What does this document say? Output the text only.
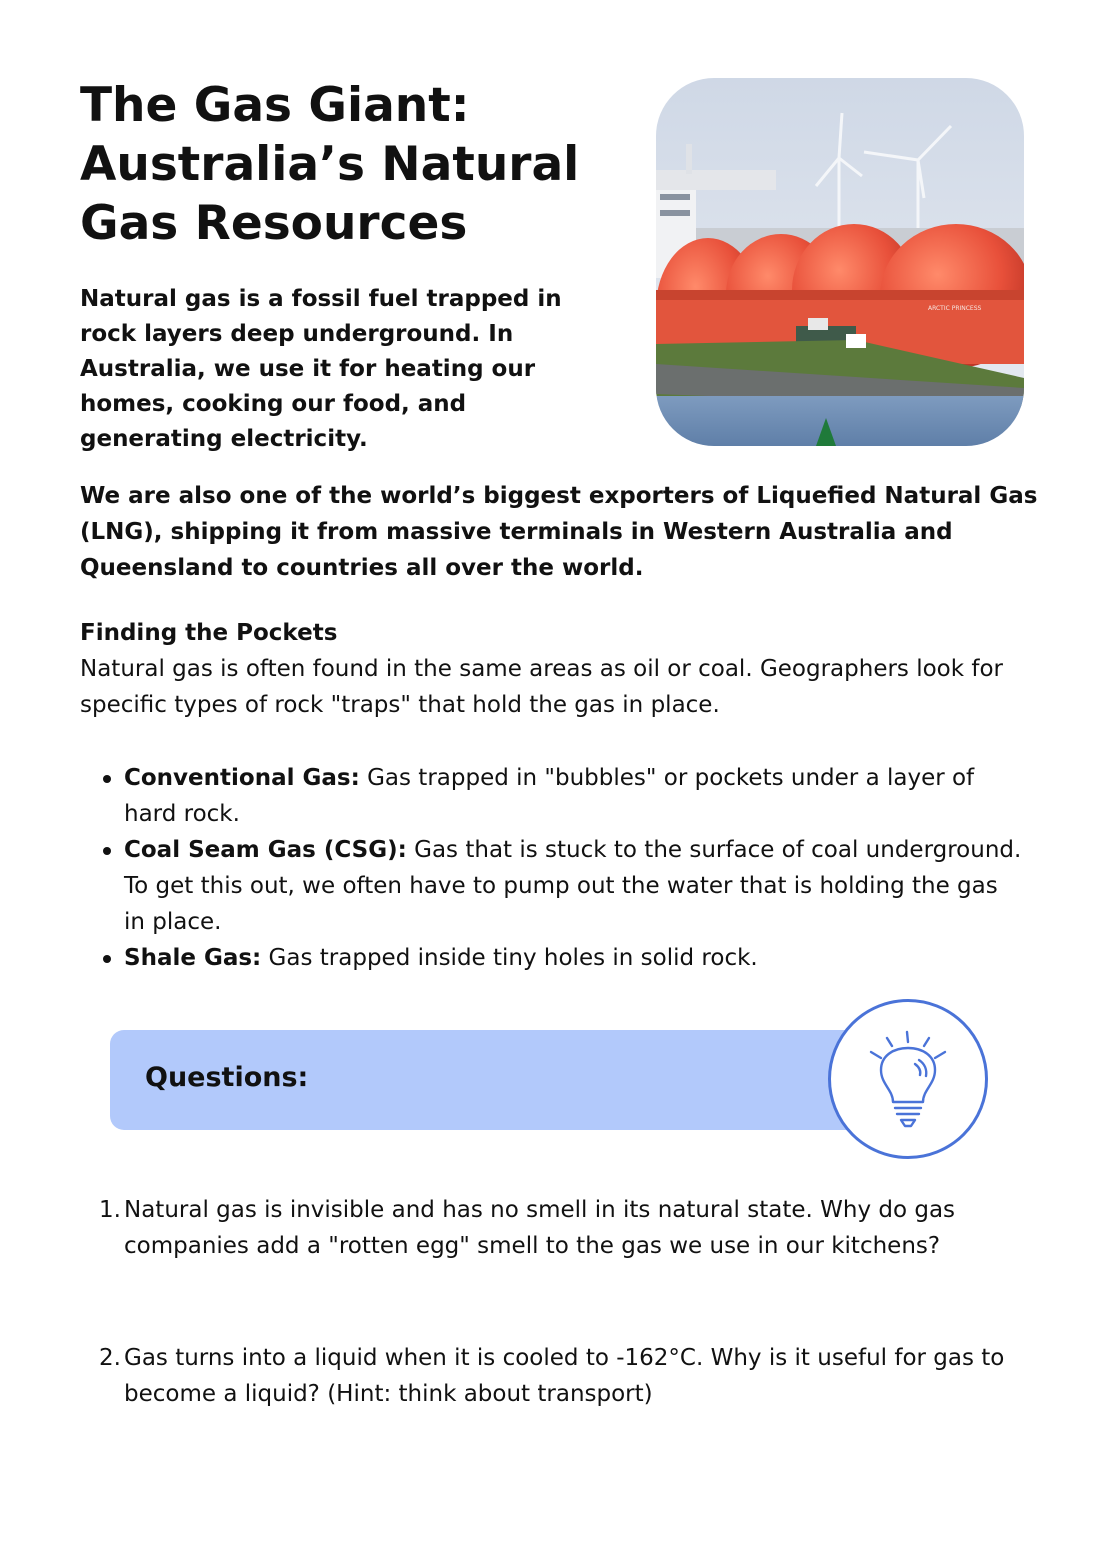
The Gas Giant: Australia’s Natural Gas Resources

Natural gas is a fossil fuel trapped in rock layers deep underground. In Australia, we use it for heating our homes, cooking our food, and generating electricity.

ARCTIC PRINCESS

We are also one of the world’s biggest exporters of Liquefied Natural Gas (LNG), shipping it from massive terminals in Western Australia and Queensland to countries all over the world.

Finding the Pockets

Natural gas is often found in the same areas as oil or coal. Geographers look for specific types of rock "traps" that hold the gas in place.

Conventional Gas: Gas trapped in "bubbles" or pockets under a layer of hard rock.
Coal Seam Gas (CSG): Gas that is stuck to the surface of coal underground. To get this out, we often have to pump out the water that is holding the gas in place.
Shale Gas: Gas trapped inside tiny holes in solid rock.
Questions:
1. Natural gas is invisible and has no smell in its natural state. Why do gas companies add a "rotten egg" smell to the gas we use in our kitchens?
2. Gas turns into a liquid when it is cooled to -162°C. Why is it useful for gas to become a liquid? (Hint: think about transport)
